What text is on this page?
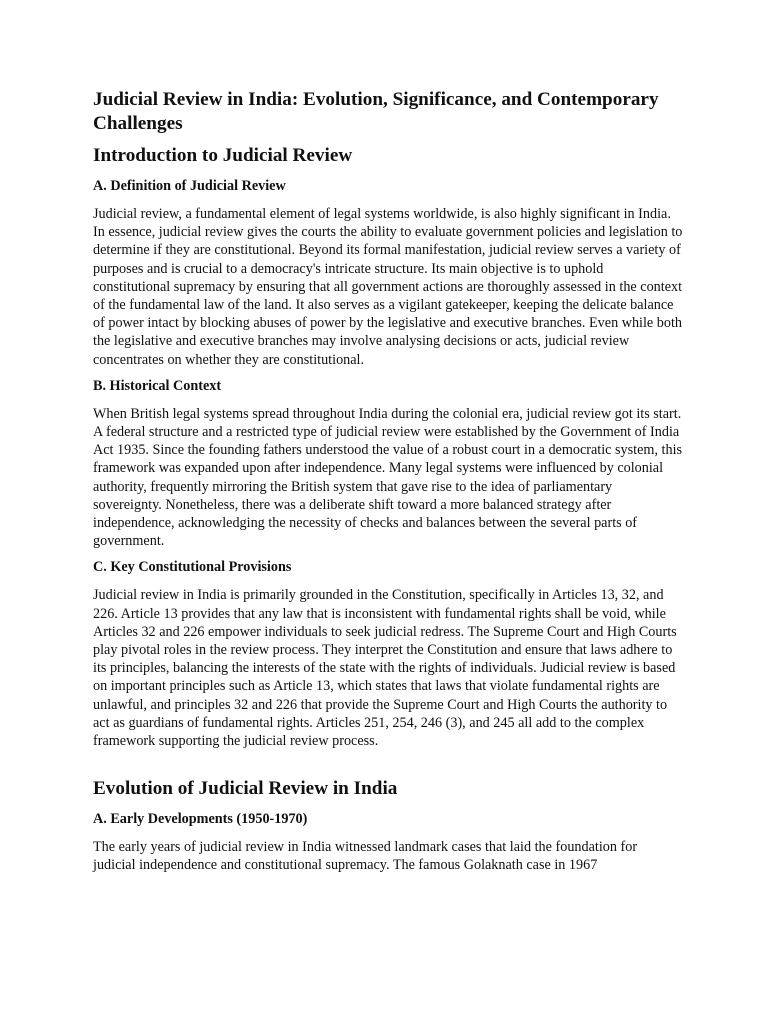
Judicial Review in India: Evolution, Significance, and Contemporary Challenges
Introduction to Judicial Review
A. Definition of Judicial Review

Judicial review, a fundamental element of legal systems worldwide, is also highly significant in India. In essence, judicial review gives the courts the ability to evaluate government policies and legislation to determine if they are constitutional. Beyond its formal manifestation, judicial review serves a variety of purposes and is crucial to a democracy's intricate structure. Its main objective is to uphold constitutional supremacy by ensuring that all government actions are thoroughly assessed in the context of the fundamental law of the land. It also serves as a vigilant gatekeeper, keeping the delicate balance of power intact by blocking abuses of power by the legislative and executive branches. Even while both the legislative and executive branches may involve analysing decisions or acts, judicial review concentrates on whether they are constitutional.

B. Historical Context

When British legal systems spread throughout India during the colonial era, judicial review got its start. A federal structure and a restricted type of judicial review were established by the Government of India Act 1935. Since the founding fathers understood the value of a robust court in a democratic system, this framework was expanded upon after independence. Many legal systems were influenced by colonial authority, frequently mirroring the British system that gave rise to the idea of parliamentary sovereignty. Nonetheless, there was a deliberate shift toward a more balanced strategy after independence, acknowledging the necessity of checks and balances between the several parts of government.

C. Key Constitutional Provisions

Judicial review in India is primarily grounded in the Constitution, specifically in Articles 13, 32, and 226. Article 13 provides that any law that is inconsistent with fundamental rights shall be void, while Articles 32 and 226 empower individuals to seek judicial redress. The Supreme Court and High Courts play pivotal roles in the review process. They interpret the Constitution and ensure that laws adhere to its principles, balancing the interests of the state with the rights of individuals. Judicial review is based on important principles such as Article 13, which states that laws that violate fundamental rights are unlawful, and principles 32 and 226 that provide the Supreme Court and High Courts the authority to act as guardians of fundamental rights. Articles 251, 254, 246 (3), and 245 all add to the complex framework supporting the judicial review process.

Evolution of Judicial Review in India
A. Early Developments (1950-1970)

The early years of judicial review in India witnessed landmark cases that laid the foundation for judicial independence and constitutional supremacy. The famous Golaknath case in 1967
